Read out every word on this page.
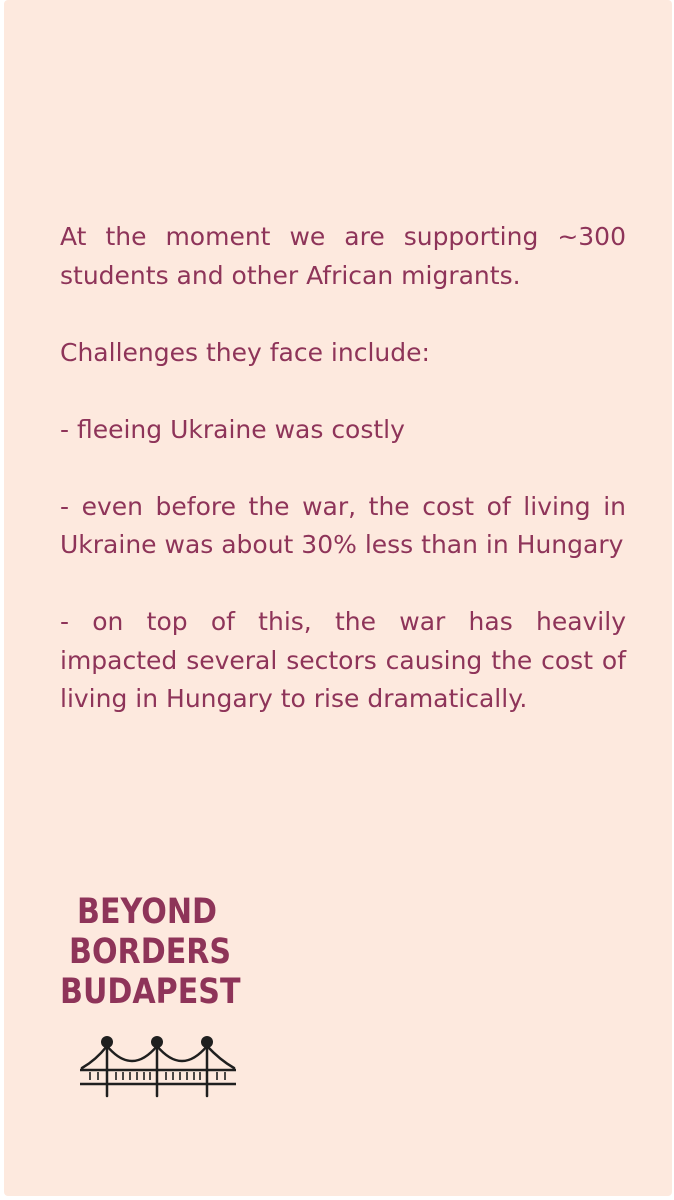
At the moment we are supporting ~300 students and other African migrants.

Challenges they face include:

- fleeing Ukraine was costly

- even before the war, the cost of living in Ukraine was about 30% less than in Hungary

- on top of this, the war has heavily impacted several sectors causing the cost of living in Hungary to rise dramatically.

BEYOND
BORDERS
BUDAPEST
